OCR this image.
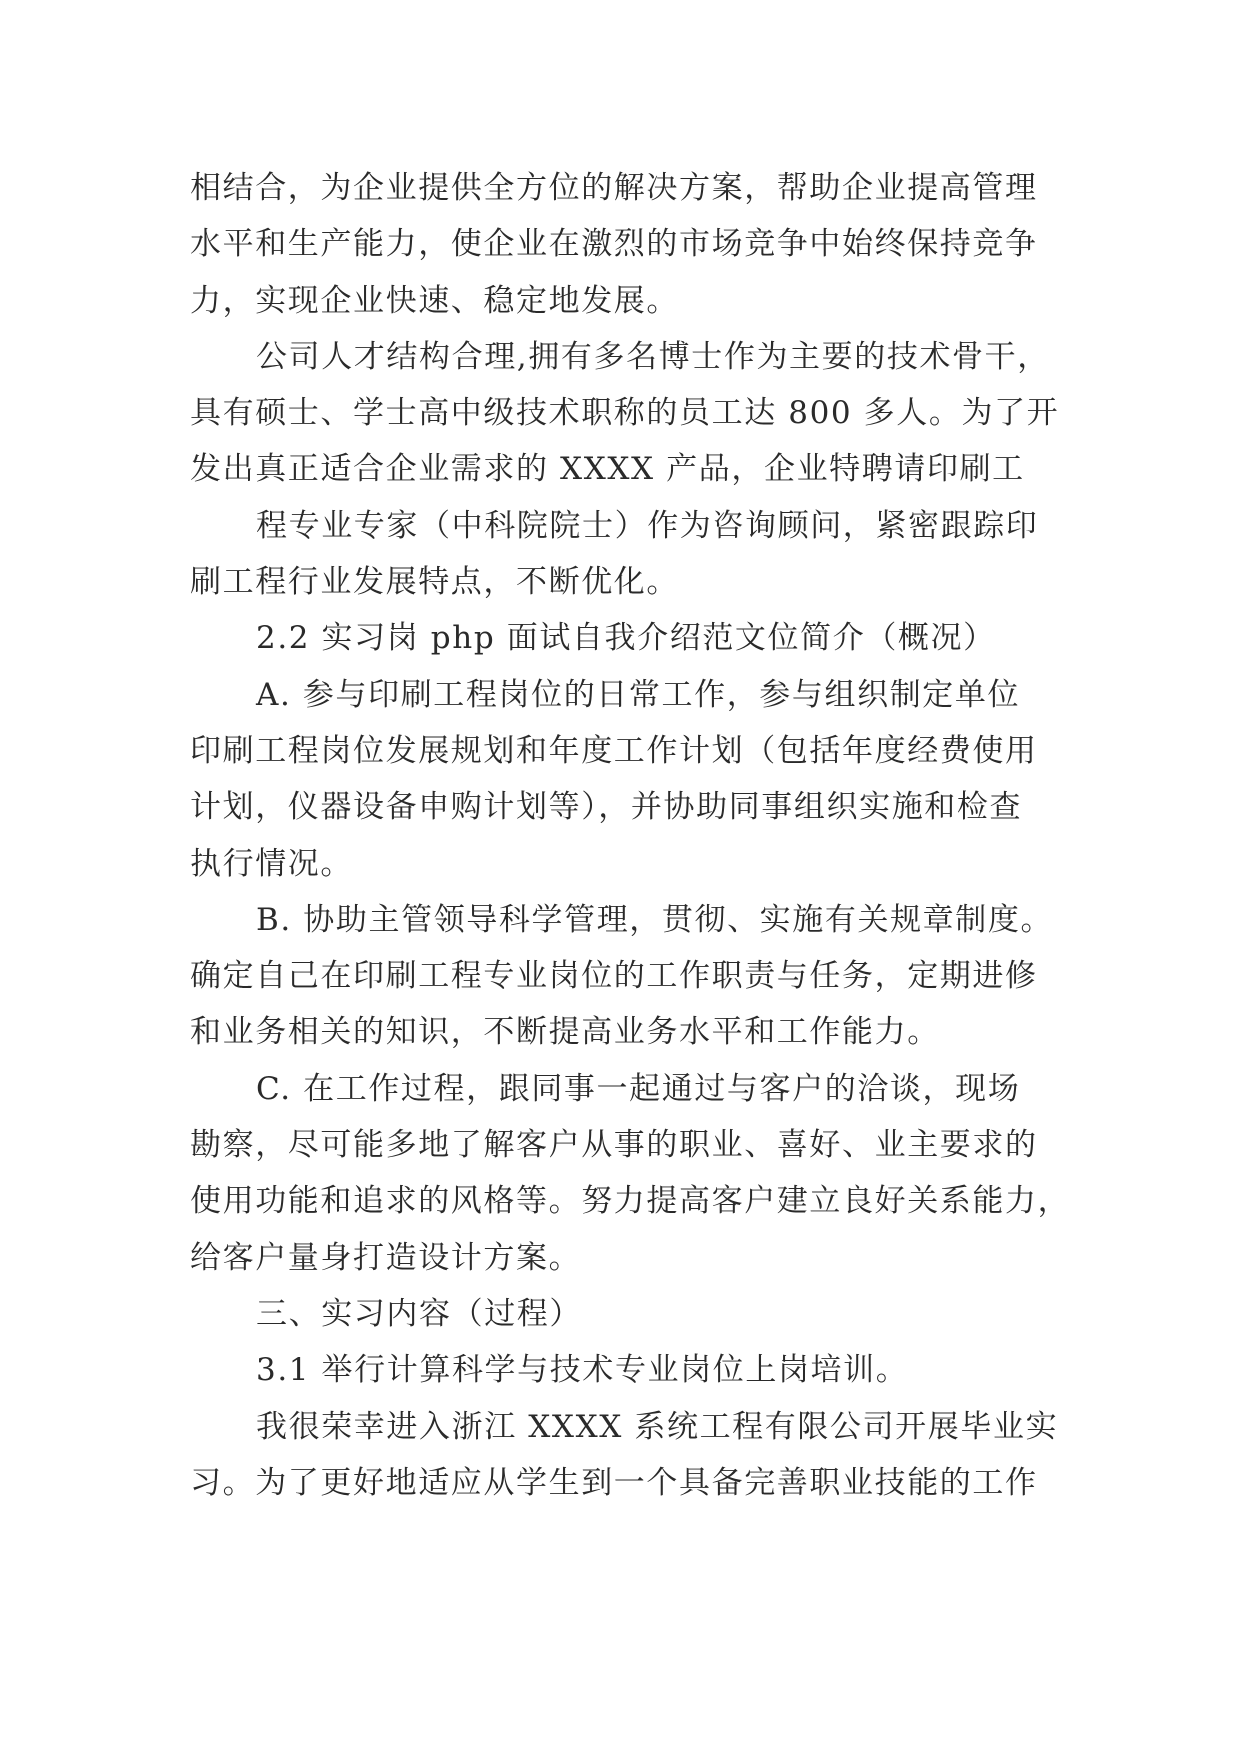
相结合，为企业提供全方位的解决方案，帮助企业提高管理
水平和生产能力，使企业在激烈的市场竞争中始终保持竞争
力，实现企业快速、稳定地发展。
公司人才结构合理,拥有多名博士作为主要的技术骨干，
具有硕士、学士高中级技术职称的员工达 800 多人。为了开
发出真正适合企业需求的 XXXX 产品，企业特聘请印刷工
程专业专家（中科院院士）作为咨询顾问，紧密跟踪印
刷工程行业发展特点，不断优化。
2.2 实习岗 php 面试自我介绍范文位简介（概况）
A. 参与印刷工程岗位的日常工作，参与组织制定单位
印刷工程岗位发展规划和年度工作计划（包括年度经费使用
计划，仪器设备申购计划等），并协助同事组织实施和检查
执行情况。
B. 协助主管领导科学管理，贯彻、实施有关规章制度。
确定自己在印刷工程专业岗位的工作职责与任务，定期进修
和业务相关的知识，不断提高业务水平和工作能力。
C. 在工作过程，跟同事一起通过与客户的洽谈，现场
勘察，尽可能多地了解客户从事的职业、喜好、业主要求的
使用功能和追求的风格等。努力提高客户建立良好关系能力，
给客户量身打造设计方案。
三、实习内容（过程）
3.1 举行计算科学与技术专业岗位上岗培训。
我很荣幸进入浙江 XXXX 系统工程有限公司开展毕业实
习。为了更好地适应从学生到一个具备完善职业技能的工作
